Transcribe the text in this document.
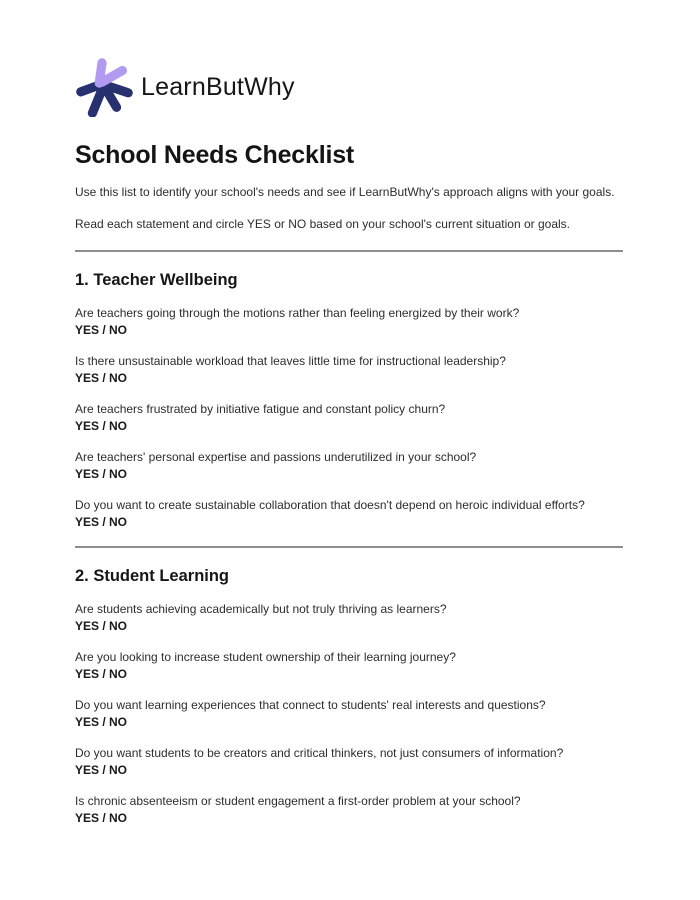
LearnButWhy
School Needs Checklist

Use this list to identify your school's needs and see if LearnButWhy's approach aligns with your goals.

Read each statement and circle YES or NO based on your school's current situation or goals.

1. Teacher Wellbeing
Are teachers going through the motions rather than feeling energized by their work?
YES / NO
Is there unsustainable workload that leaves little time for instructional leadership?
YES / NO
Are teachers frustrated by initiative fatigue and constant policy churn?
YES / NO
Are teachers' personal expertise and passions underutilized in your school?
YES / NO
Do you want to create sustainable collaboration that doesn't depend on heroic individual efforts?
YES / NO
2. Student Learning
Are students achieving academically but not truly thriving as learners?
YES / NO
Are you looking to increase student ownership of their learning journey?
YES / NO
Do you want learning experiences that connect to students' real interests and questions?
YES / NO
Do you want students to be creators and critical thinkers, not just consumers of information?
YES / NO
Is chronic absenteeism or student engagement a first-order problem at your school?
YES / NO
